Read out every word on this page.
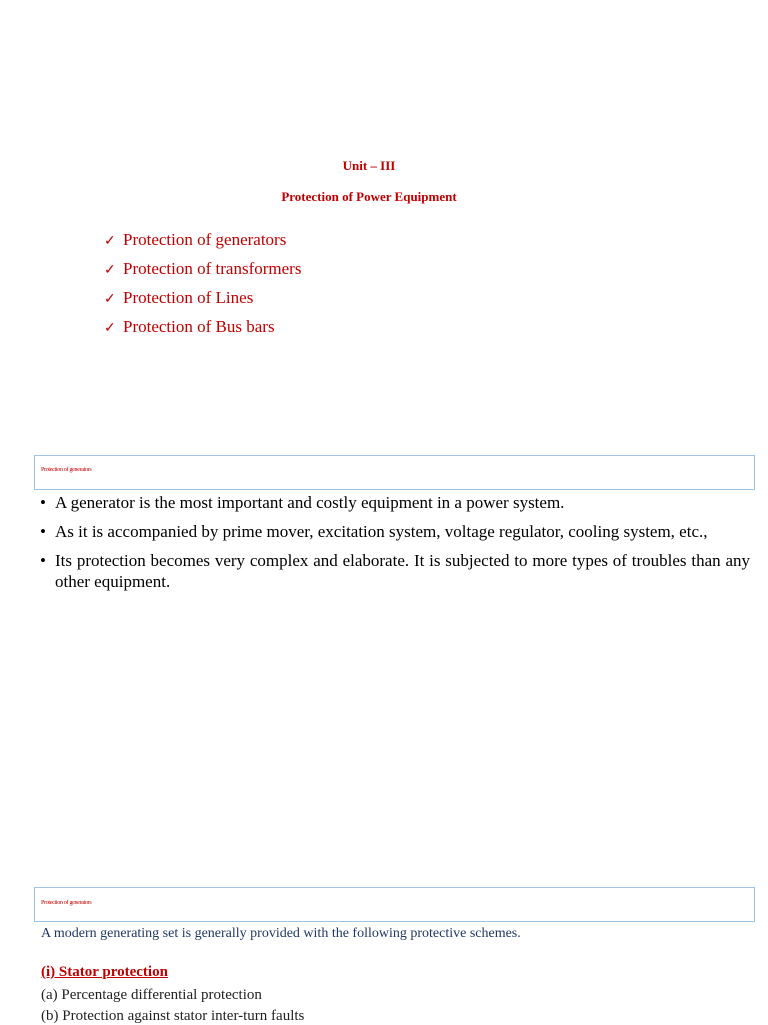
Unit – III
Protection of Power Equipment
✓ Protection of generators
✓ Protection of transformers
✓ Protection of Lines
✓ Protection of Bus bars
Protection of generators
• A generator is the most important and costly equipment in a power system.
• As it is accompanied by prime mover, excitation system, voltage regulator, cooling system, etc.,
• Its protection becomes very complex and elaborate. It is subjected to more types of troubles than any other equipment.
Protection of generators
A modern generating set is generally provided with the following protective schemes.
(i) Stator protection
(a) Percentage differential protection
(b) Protection against stator inter-turn faults
